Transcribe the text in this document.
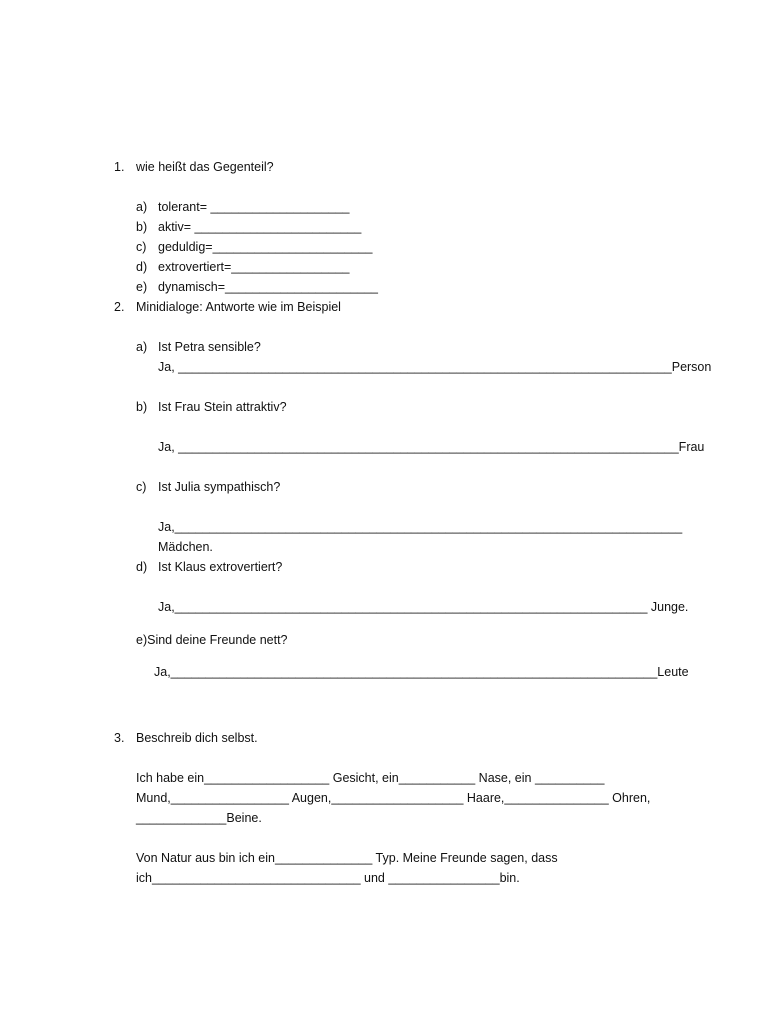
1. wie heißt das Gegenteil?
a) tolerant= ____________________
b) aktiv= ________________________
c) geduldig=_______________________
d) extrovertiert=_________________
e) dynamisch=______________________
2. Minidialoge: Antworte wie im Beispiel
a) Ist Petra sensible?
Ja, _______________________________________________________________________Person
b) Ist Frau Stein attraktiv?
Ja, ________________________________________________________________________Frau
c) Ist Julia sympathisch?
Ja,_________________________________________________________________________
Mädchen.
d) Ist Klaus extrovertiert?
Ja,____________________________________________________________________ Junge.
e)Sind deine Freunde nett?
Ja,______________________________________________________________________Leute
3. Beschreib dich selbst.
Ich habe ein__________________ Gesicht, ein___________ Nase, ein __________
Mund,_________________ Augen,___________________ Haare,_______________ Ohren,
_____________Beine.
Von Natur aus bin ich ein______________ Typ. Meine Freunde sagen, dass
ich______________________________ und ________________bin.
